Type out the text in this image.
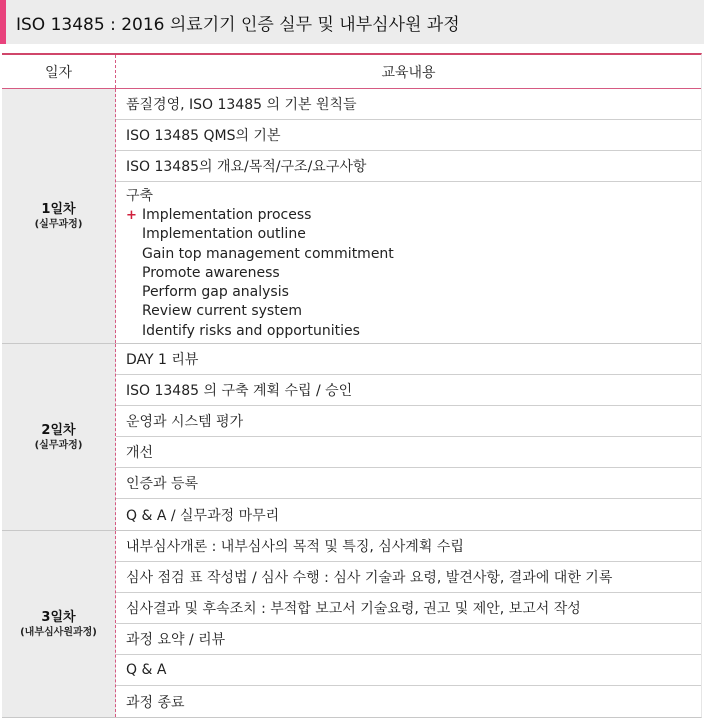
ISO 13485 : 2016 의료기기 인증 실무 및 내부심사원 과정
일자	교육내용
1일차
(실무과정)
품질경영, ISO 13485 의 기본 원칙들
ISO 13485 QMS의 기본
ISO 13485의 개요/목적/구조/요구사항
구축
+ Implementation process
Implementation outline
Gain top management commitment
Promote awareness
Perform gap analysis
Review current system
Identify risks and opportunities
2일차
(실무과정)
DAY 1 리뷰
ISO 13485 의 구축 계획 수립 / 승인
운영과 시스템 평가
개선
인증과 등록
Q & A / 실무과정 마무리
3일차
(내부심사원과정)
내부심사개론 : 내부심사의 목적 및 특징, 심사계획 수립
심사 점검 표 작성법 / 심사 수행 : 심사 기술과 요령, 발견사항, 결과에 대한 기록
심사결과 및 후속조치 : 부적합 보고서 기술요령, 권고 및 제안, 보고서 작성
과정 요약 / 리뷰
Q & A
과정 종료
